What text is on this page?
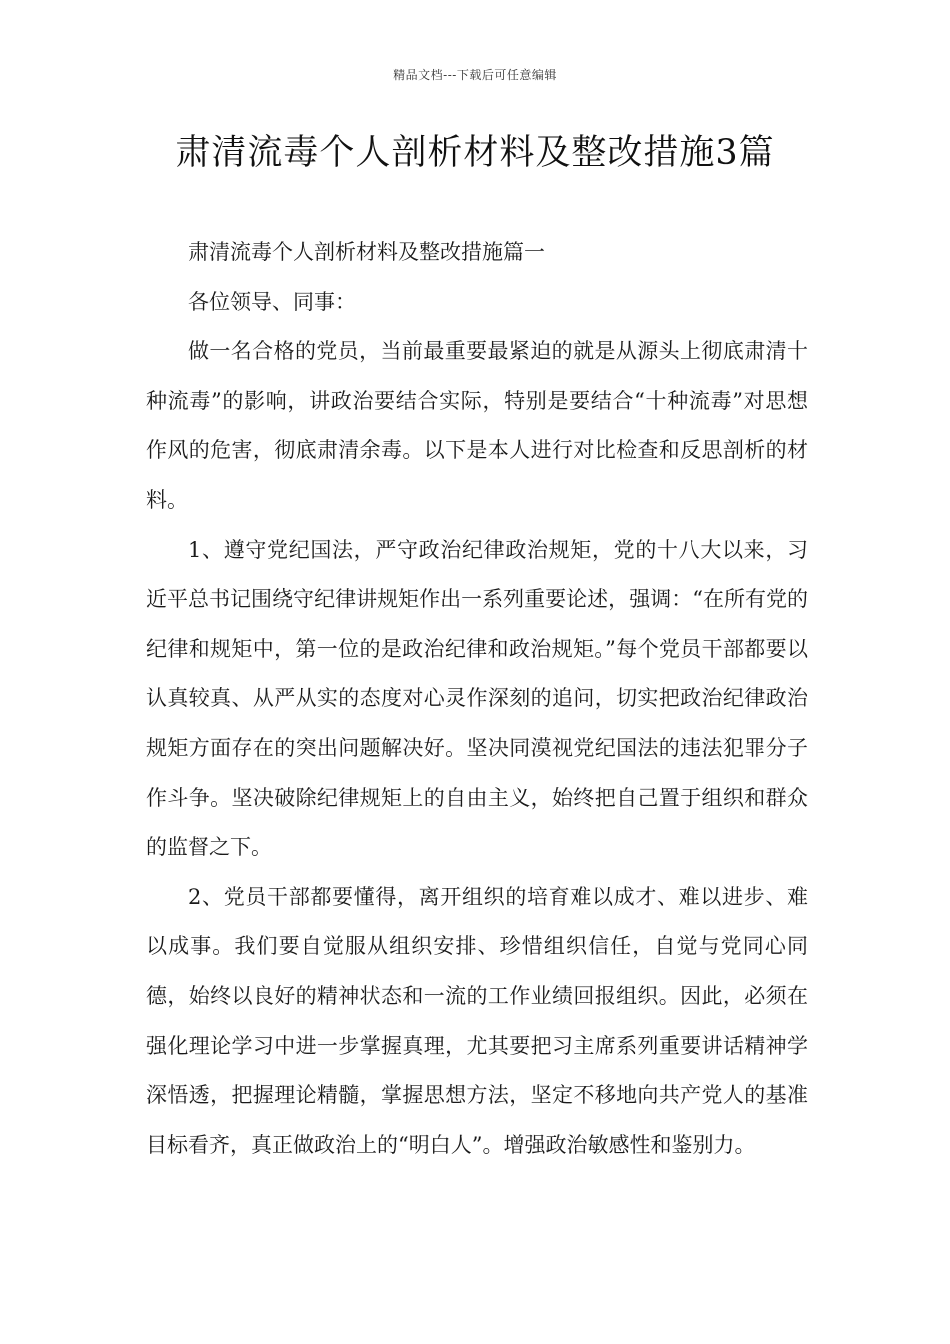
精品文档---下载后可任意编辑
肃清流毒个人剖析材料及整改措施3篇

肃清流毒个人剖析材料及整改措施篇一

各位领导、同事：

做一名合格的党员，当前最重要最紧迫的就是从源头上彻底肃清十种流毒”的影响，讲政治要结合实际，特别是要结合“十种流毒”对思想作风的危害，彻底肃清余毒。以下是本人进行对比检查和反思剖析的材料。

1、遵守党纪国法，严守政治纪律政治规矩，党的十八大以来，习近平总书记围绕守纪律讲规矩作出一系列重要论述，强调：“在所有党的纪律和规矩中，第一位的是政治纪律和政治规矩。”每个党员干部都要以认真较真、从严从实的态度对心灵作深刻的追问，切实把政治纪律政治规矩方面存在的突出问题解决好。坚决同漠视党纪国法的违法犯罪分子作斗争。坚决破除纪律规矩上的自由主义，始终把自己置于组织和群众的监督之下。

2、党员干部都要懂得，离开组织的培育难以成才、难以进步、难以成事。我们要自觉服从组织安排、珍惜组织信任，自觉与党同心同德，始终以良好的精神状态和一流的工作业绩回报组织。因此，必须在强化理论学习中进一步掌握真理，尤其要把习主席系列重要讲话精神学深悟透，把握理论精髓，掌握思想方法，坚定不移地向共产党人的基准目标看齐，真正做政治上的“明白人”。增强政治敏感性和鉴别力。
